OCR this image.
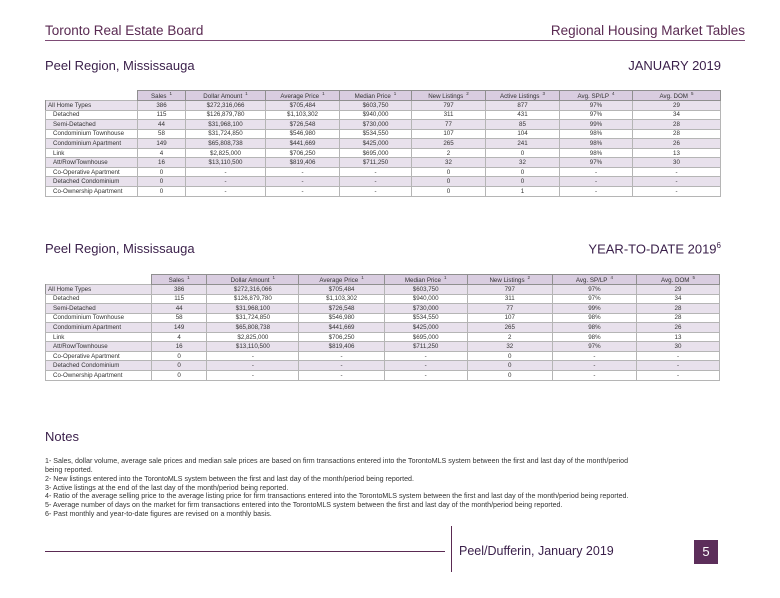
Toronto Real Estate Board	Regional Housing Market Tables
Peel Region, Mississauga	JANUARY 2019
	Sales $^1$	Dollar Amount $^1$	Average Price $^1$	Median Price $^1$	New Listings $^2$	Active Listings $^3$	Avg. SP/LP $^4$	Avg. DOM $^5$
All Home Types	386	$272,316,066	$705,484	$603,750	797	877	97%	29
Detached	115	$126,879,780	$1,103,302	$940,000	311	431	97%	34
Semi-Detached	44	$31,968,100	$726,548	$730,000	77	85	99%	28
Condominium Townhouse	58	$31,724,850	$546,980	$534,550	107	104	98%	28
Condominium Apartment	149	$65,808,738	$441,669	$425,000	265	241	98%	26
Link	4	$2,825,000	$706,250	$695,000	2	0	98%	13
Att/Row/Townhouse	16	$13,110,500	$819,406	$711,250	32	32	97%	30
Co-Operative Apartment	0	-	-	-	0	0	-	-
Detached Condominium	0	-	-	-	0	0	-	-
Co-Ownership Apartment	0	-	-	-	0	1	-	-
Peel Region, Mississauga	YEAR-TO-DATE 2019$^6$
	Sales $^1$	Dollar Amount $^1$	Average Price $^1$	Median Price $^1$	New Listings $^2$	Avg. SP/LP $^4$	Avg. DOM $^5$
All Home Types	386	$272,316,066	$705,484	$603,750	797	97%	29
Detached	115	$126,879,780	$1,103,302	$940,000	311	97%	34
Semi-Detached	44	$31,968,100	$726,548	$730,000	77	99%	28
Condominium Townhouse	58	$31,724,850	$546,980	$534,550	107	98%	28
Condominium Apartment	149	$65,808,738	$441,669	$425,000	265	98%	26
Link	4	$2,825,000	$706,250	$695,000	2	98%	13
Att/Row/Townhouse	16	$13,110,500	$819,406	$711,250	32	97%	30
Co-Operative Apartment	0	-	-	-	0	-	-
Detached Condominium	0	-	-	-	0	-	-
Co-Ownership Apartment	0	-	-	-	0	-	-
Notes

1- Sales, dollar volume, average sale prices and median sale prices are based on firm transactions entered into the TorontoMLS system between the first and last day of the month/period being reported.

2- New listings entered into the TorontoMLS system between the first and last day of the month/period being reported.

3- Active listings at the end of the last day of the month/period being reported.

4- Ratio of the average selling price to the average listing price for firm transactions entered into the TorontoMLS system between the first and last day of the month/period being reported.

5- Average number of days on the market for firm transactions entered into the TorontoMLS system between the first and last day of the month/period being reported.

6- Past monthly and year-to-date figures are revised on a monthly basis.

Peel/Dufferin, January 2019	5
